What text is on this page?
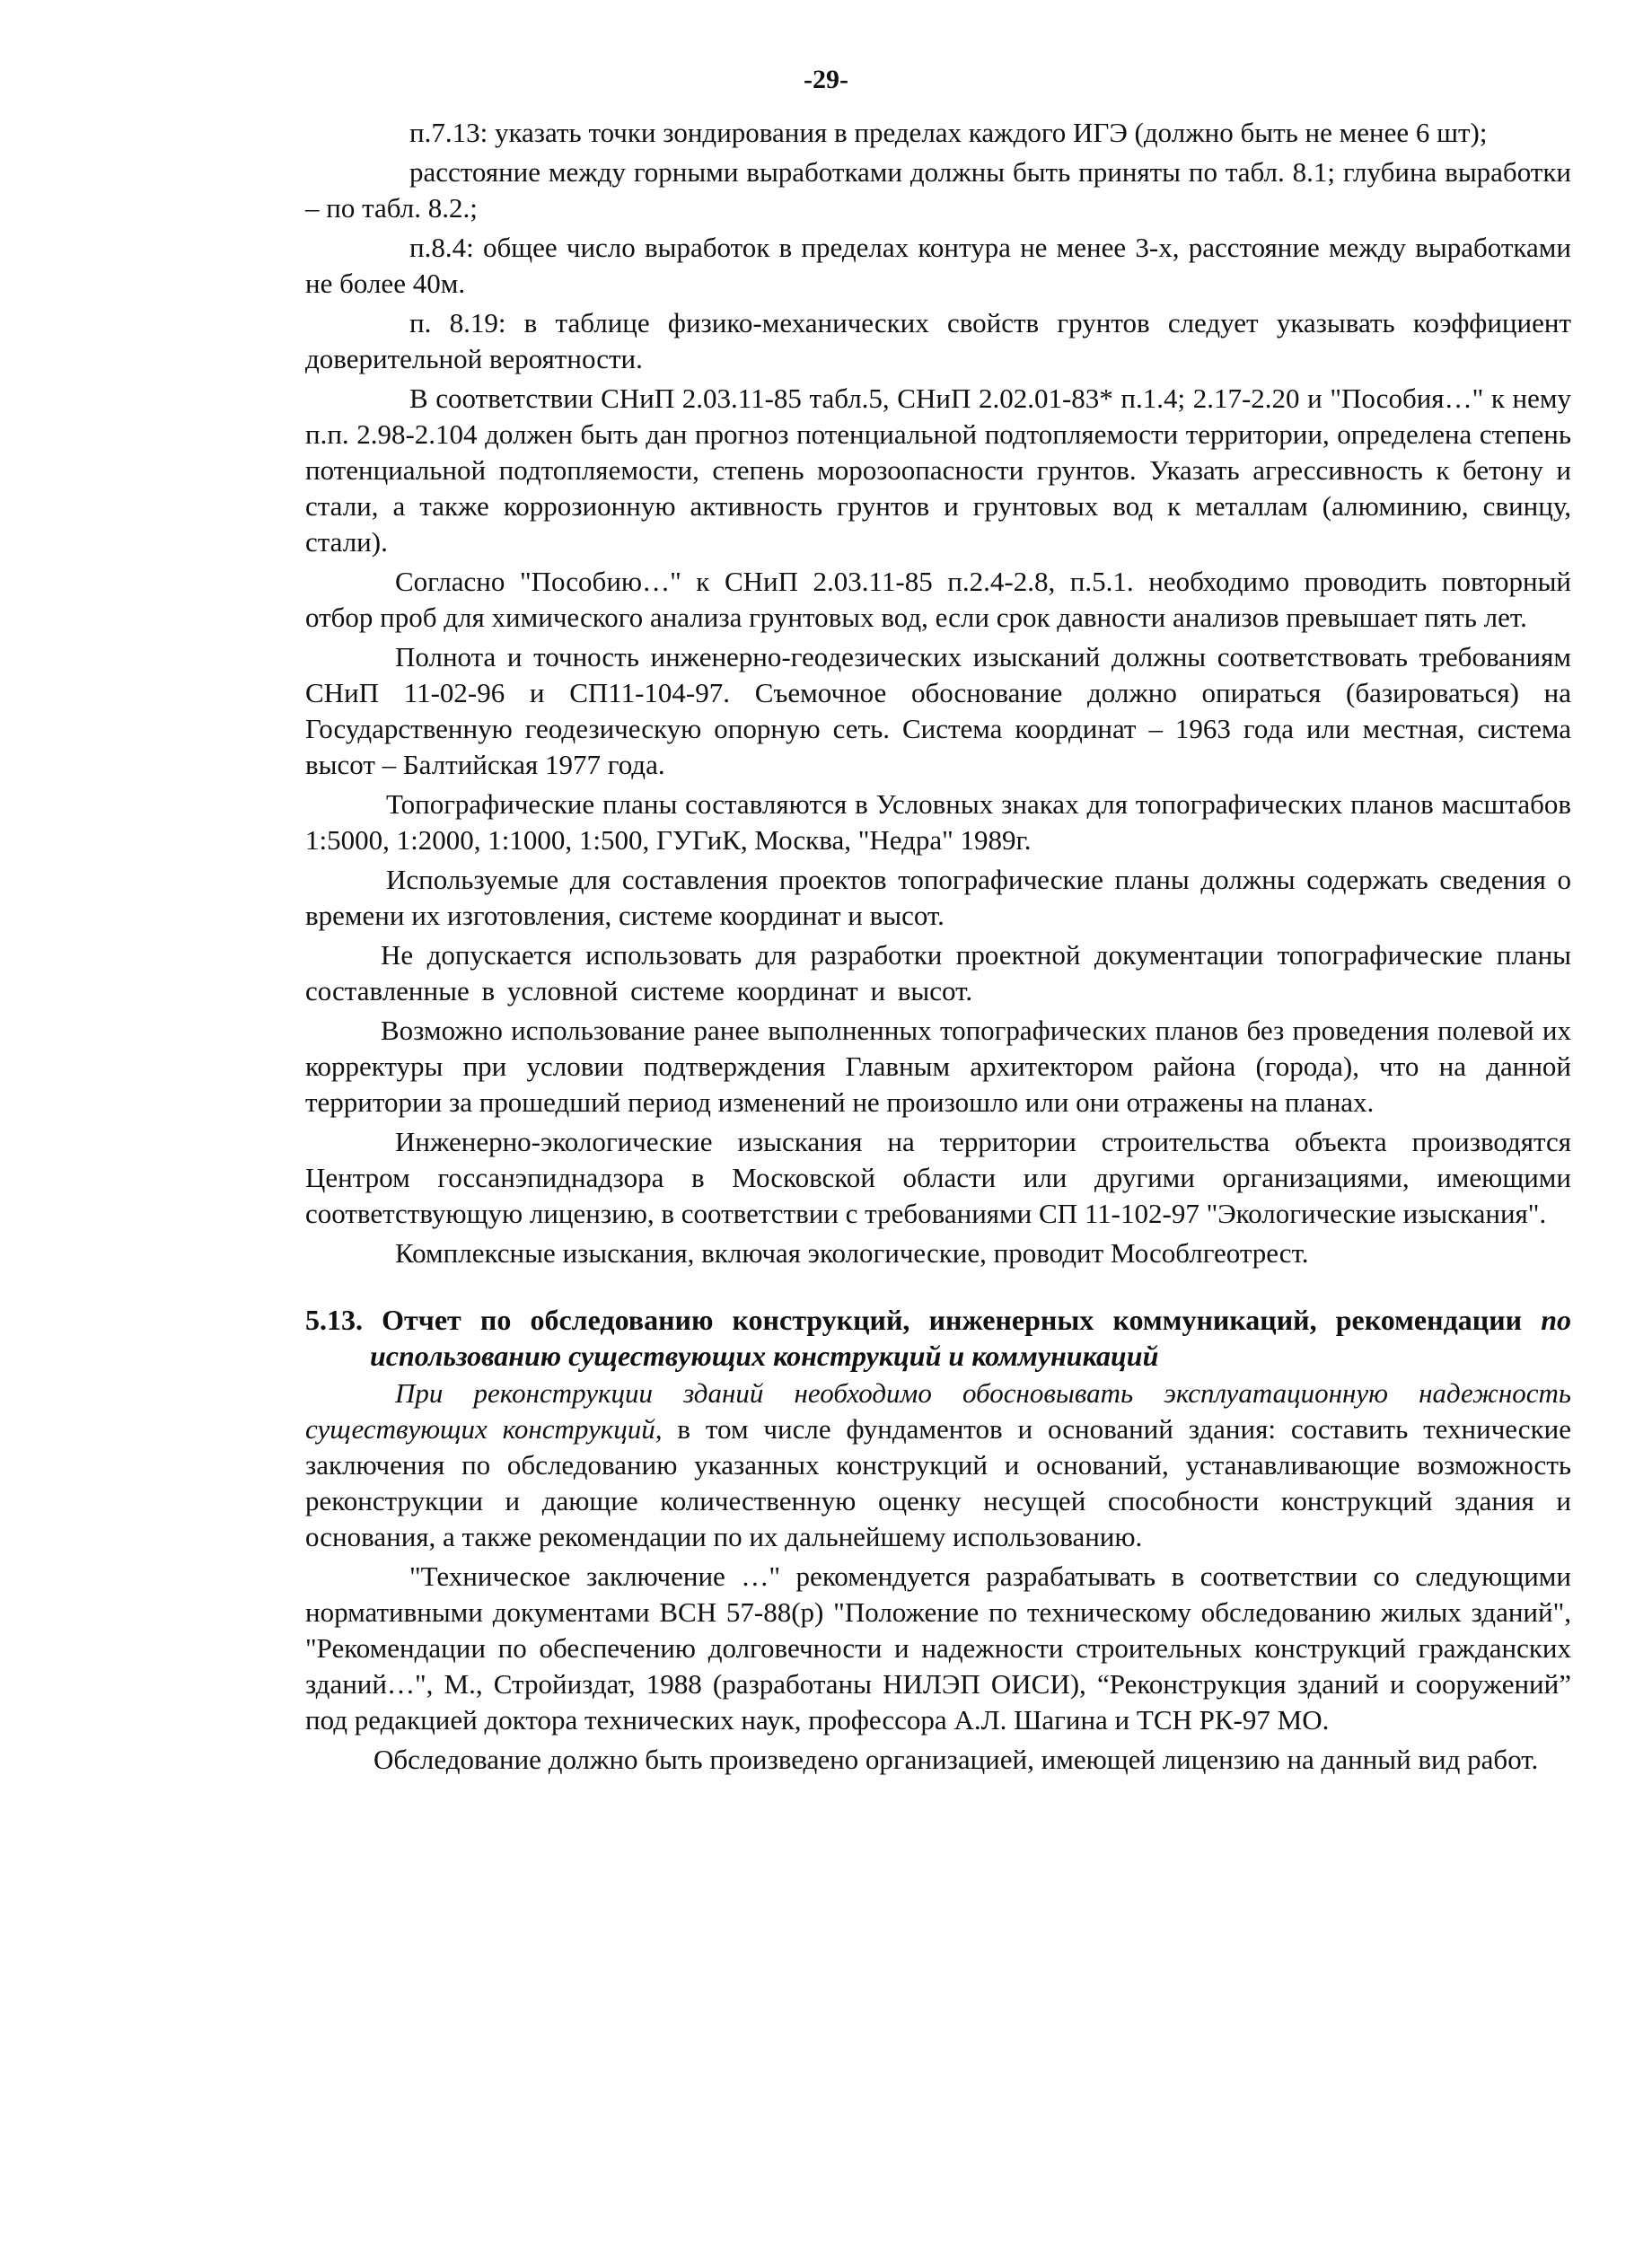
-29-

п.7.13: указать точки зондирования в пределах каждого ИГЭ (должно быть не менее 6 шт);

расстояние между горными выработками должны быть приняты по табл. 8.1; глубина выработки – по табл. 8.2.;

п.8.4: общее число выработок в пределах контура не менее 3-х, расстояние между выработками не более 40м.

п. 8.19: в таблице физико-механических свойств грунтов следует указывать коэффициент доверительной вероятности.

В соответствии СНиП 2.03.11-85 табл.5, СНиП 2.02.01-83* п.1.4; 2.17-2.20 и "Пособия…" к нему п.п. 2.98-2.104 должен быть дан прогноз потенциальной подтопляемости территории, определена степень потенциальной подтопляемости, степень морозоопасности грунтов. Указать агрессивность к бетону и стали, а также коррозионную активность грунтов и грунтовых вод к металлам (алюминию, свинцу, стали).

Согласно "Пособию…" к СНиП 2.03.11-85 п.2.4-2.8, п.5.1. необходимо проводить повторный отбор проб для химического анализа грунтовых вод, если срок давности анализов превышает пять лет.

Полнота и точность инженерно-геодезических изысканий должны соответствовать требованиям СНиП 11-02-96 и СП11-104-97. Съемочное обоснование должно опираться (базироваться) на Государственную геодезическую опорную сеть. Система координат – 1963 года или местная, система высот – Балтийская 1977 года.

Топографические планы составляются в Условных знаках для топографических планов масштабов 1:5000, 1:2000, 1:1000, 1:500, ГУГиК, Москва, "Недра" 1989г.

Используемые для составления проектов топографические планы должны содержать сведения о времени их изготовления, системе координат и высот.

Не допускается использовать для разработки проектной документации топографические планы составленные в условной системе координат и высот.

Возможно использование ранее выполненных топографических планов без проведения полевой их корректуры при условии подтверждения Главным архитектором района (города), что на данной территории за прошедший период изменений не произошло или они отражены на планах.

Инженерно-экологические изыскания на территории строительства объекта производятся Центром госсанэпиднадзора в Московской области или другими организациями, имеющими соответствующую лицензию, в соответствии с требованиями СП 11-102-97 "Экологические изыскания".

Комплексные изыскания, включая экологические, проводит Мособлгеотрест.

5.13. Отчет по обследованию конструкций, инженерных коммуникаций, рекомендации по использованию существующих конструкций и коммуникаций

При реконструкции зданий необходимо обосновывать эксплуатационную надежность существующих конструкций, в том числе фундаментов и оснований здания: составить технические заключения по обследованию указанных конструкций и оснований, устанавливающие возможность реконструкции и дающие количественную оценку несущей способности конструкций здания и основания, а также рекомендации по их дальнейшему использованию.

"Техническое заключение …" рекомендуется разрабатывать в соответствии со следующими нормативными документами ВСН 57-88(р) "Положение по техническому обследованию жилых зданий", "Рекомендации по обеспечению долговечности и надежности строительных конструкций гражданских зданий…", М., Стройиздат, 1988 (разработаны НИЛЭП ОИСИ), “Реконструкция зданий и сооружений” под редакцией доктора технических наук, профессора А.Л. Шагина и ТСН РК-97 МО.

Обследование должно быть произведено организацией, имеющей лицензию на данный вид работ.
